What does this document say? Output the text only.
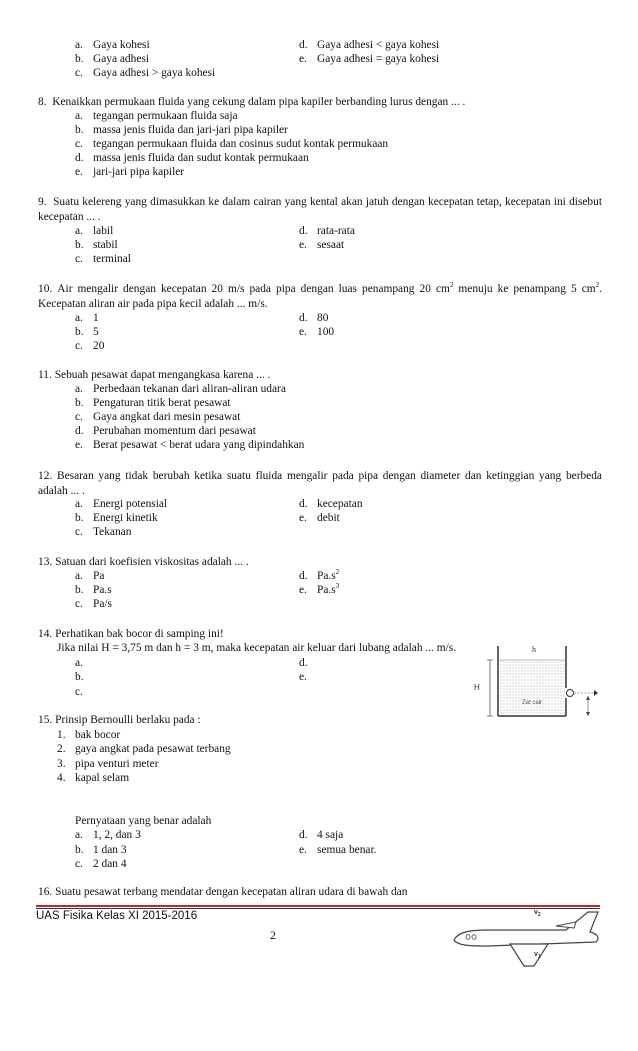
a. Gaya kohesi
b. Gaya adhesi
c. Gaya adhesi > gaya kohesi
d. Gaya adhesi < gaya kohesi
e. Gaya adhesi = gaya kohesi
8. Kenaikkan permukaan fluida yang cekung dalam pipa kapiler berbanding lurus dengan ... .
a. tegangan permukaan fluida saja
b. massa jenis fluida dan jari-jari pipa kapiler
c. tegangan permukaan fluida dan cosinus sudut kontak permukaan
d. massa jenis fluida dan sudut kontak permukaan
e. jari-jari pipa kapiler
9. Suatu kelereng yang dimasukkan ke dalam cairan yang kental akan jatuh dengan kecepatan tetap, kecepatan ini disebut kecepatan ... .
a. labil
b. stabil
c. terminal
d. rata-rata
e. sesaat
10. Air mengalir dengan kecepatan 20 m/s pada pipa dengan luas penampang 20 $cm^2$ menuju ke penampang 5 $cm^2$. Kecepatan aliran air pada pipa kecil adalah ... m/s.
a. 1
b. 5
c. 20
d. 80
e. 100
11. Sebuah pesawat dapat mengangkasa karena ... .
a. Perbedaan tekanan dari aliran-aliran udara
b. Pengaturan titik berat pesawat
c. Gaya angkat dari mesin pesawat
d. Perubahan momentum dari pesawat
e. Berat pesawat < berat udara yang dipindahkan
12. Besaran yang tidak berubah ketika suatu fluida mengalir pada pipa dengan diameter dan ketinggian yang berbeda adalah ... .
a. Energi potensial
b. Energi kinetik
c. Tekanan
d. kecepatan
e. debit
13. Satuan dari koefisien viskositas adalah ... .
a. Pa
b. Pa.s
c. Pa/s
d. $Pa.s^2$
e. $Pa.s^3$
14. Perhatikan bak bocor di samping ini!
Jika nilai H = 3,75 m dan h = 3 m, maka kecepatan air keluar dari lubang adalah ... m/s.
a.
b.
c.
d.
e.
H
h
Zat cair
15. Prinsip Bernoulli berlaku pada :
1. bak bocor
2. gaya angkat pada pesawat terbang
3. pipa venturi meter
4. kapal selam
Pernyataan yang benar adalah
a. 1, 2, dan 3
b. 1 dan 3
c. 2 dan 4
d. 4 saja
e. semua benar.
16. Suatu pesawat terbang mendatar dengan kecepatan aliran udara di bawah dan
UAS Fisika Kelas XI 2015-2016
2
$v_2$
$v_1$
